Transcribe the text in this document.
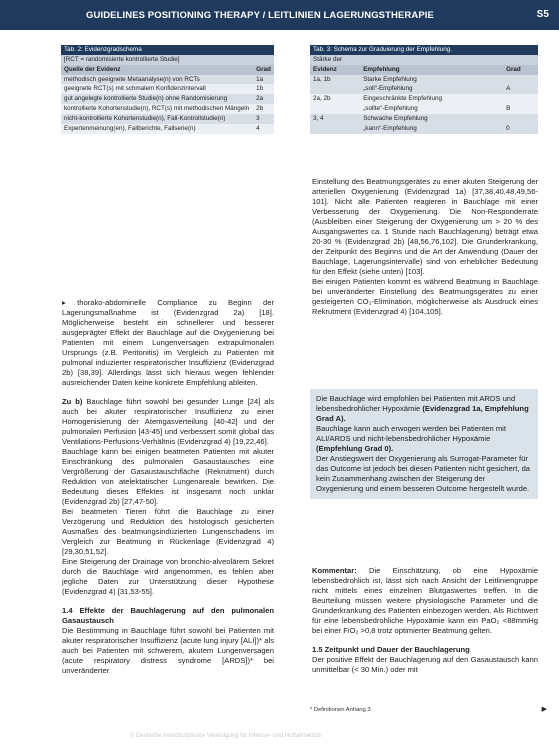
GUIDELINES POSITIONING THERAPY / LEITLINIEN LAGERUNGSTHERAPIE	S5
Tab. 2: Evidenzgradschema	
[RCT = randomisierte kontrollierte Studie]	
Quelle der Evidenz	Grad
methodisch geeignete Metaanalyse(n) von RCTs	1a
geeignete RCT(s) mit schmalem Konfidenzintervall	1b
gut angelegte kontrollierte Studie(n) ohne Randomisierung	2a
kontrollierte Kohortenstudie(n), RCT(s) mit methodischen Mängeln	2b
nicht-kontrollierte Kohortenstudie(n), Fall-Kontrollstudie(n)	3
Expertenmeinung(en), Fallberichte, Fallserie(n)	4
Tab. 3: Schema zur Graduierung der Empfehlung.		
Stärke der		
Evidenz	Empfehlung	Grad
1a, 1b	Starke Empfehlung	
	„soll“-Empfehlung	A
2a, 2b	Eingeschränkte Empfehlung	
	„sollte“-Empfehlung	B
3, 4	Schwache Empfehlung	
	„kann“-Empfehlung	0

▸ thorako-abdominelle Compliance zu Beginn der Lagerungsmaßnahme ist (Evidenzgrad 2a) [18]. Möglicherweise besteht ein schnellerer und besserer ausgeprägter Effekt der Bauchlage auf die Oxygenierung bei Patienten mit einem Lungenversagen extrapulmonalen Ursprungs (z.B. Peritonitis) im Vergleich zu Patienten mit pulmonal induzierter respiratorischer Insuffizienz (Evidenzgrad 2b) [38,39]. Allerdings lässt sich hieraus wegen fehlender ausreichender Daten keine konkrete Empfehlung ableiten.

Zu b) Bauchlage führt sowohl bei gesunder Lunge [24] als auch bei akuter respiratorischer Insuffizienz zu einer Homogenisierung der Atemgasverteilung [40-42] und der pulmonalen Perfusion [43-45] und verbessert somit global das Ventilations-Perfusions-Verhältnis (Evidenzgrad 4) [19,22,46].

Bauchlage kann bei einigen beatmeten Patienten mit akuter Einschränkung des pulmonalen Gasaustausches eine Vergrößerung der Gasaustauschfläche (Rekrutment) durch Reduktion von atelektatischer Lungenareale bewirken. Die Bedeutung dieses Effektes ist insgesamt noch unklar (Evidenzgrad 2b) [27,47-50].

Bei beatmeten Tieren führt die Bauchlage zu einer Verzögerung und Reduktion des histologisch gesicherten Ausmaßes des beatmungsinduzierten Lungenschadens im Vergleich zur Beatmung in Rückenlage (Evidenzgrad 4) [29,30,51,52].

Eine Steigerung der Drainage von bronchio-alveolärem Sekret durch die Bauchlage wird angenommen, es fehlen aber jegliche Daten zur Unterstützung dieser Hypothese (Evidenzgrad 4) [31,53-55].

1.4 Effekte der Bauchlagerung auf den pulmonalen Gasaustausch

Die Bestimmung in Bauchlage führt sowohl bei Patienten mit akuter respiratorischer Insuffizienz (acute lung injury [ALI])* als auch bei Patienten mit schwerem, akutem Lungenversagen (acute respiratory distress syndrome [ARDS])* bei unveränderter

Einstellung des Beatmungsgerätes zu einer akuten Steigerung der arteriellen Oxygenierung (Evidenzgrad 1a) [37,38,40,48,49,56-101]. Nicht alle Patienten reagieren in Bauchlage mit einer Verbesserung der Oxygenierung. Die Non-Responderrate (Ausbleiben einer Steigerung der Oxygenierung um > 20 % des Ausgangswertes ca. 1 Stunde nach Bauchlagerung) beträgt etwa 20-30 % (Evidenzgrad 2b) [48,56,76,102]. Die Grunderkrankung, der Zeitpunkt des Beginns und die Art der Anwendung (Dauer der Bauchlage, Lagerungsintervalle) sind von erheblicher Bedeutung für den Effekt (siehe unten) [103].

Bei einigen Patienten kommt es während Beatmung in Bauchlage bei unveränderter Einstellung des Beatmungsgerätes zu einer gesteigerten CO₂-Elimination, möglicherweise als Ausdruck eines Rekrutment (Evidenzgrad 4) [104,105].

Die Bauchlage wird empfohlen bei Patienten mit ARDS und lebensbedrohlicher Hypoxämie (Evidenzgrad 1a, Empfehlung Grad A).

Bauchlage kann auch erwogen werden bei Patienten mit ALI/ARDS und nicht-lebensbedrohlicher Hypoxämie (Empfehlung Grad 0).

Der Anstiegswert der Oxygenierung als Surrogat-Parameter für das Outcome ist jedoch bei diesen Patienten nicht gesichert, da kein Zusammenhang zwischen der Steigerung der Oxygenierung und einem besseren Outcome hergestellt wurde.

Kommentar: Die Einschätzung, ob eine Hypoxämie lebensbedrohlich ist, lässt sich nach Ansicht der Leitliniengruppe nicht mittels eines einzelnen Blutgaswertes treffen. In die Beurteilung müssen weitere physiologische Parameter und die Grunderkrankung des Patienten einbezogen werden. Als Richtwert für eine lebensbedrohliche Hypoxämie kann ein PaO₂ <88mmHg bei einer FiO₂ >0,8 trotz optimierter Beatmung gelten.

1.5 Zeitpunkt und Dauer der Bauchlagerung

Der positive Effekt der Bauchlagerung auf den Gasaustausch kann unmittelbar (< 30 Min.) oder mit

* Definitionen Anhang 3	▶
© Deutsche Interdisziplinäre Vereinigung für Intensiv- und Notfallmedizin
